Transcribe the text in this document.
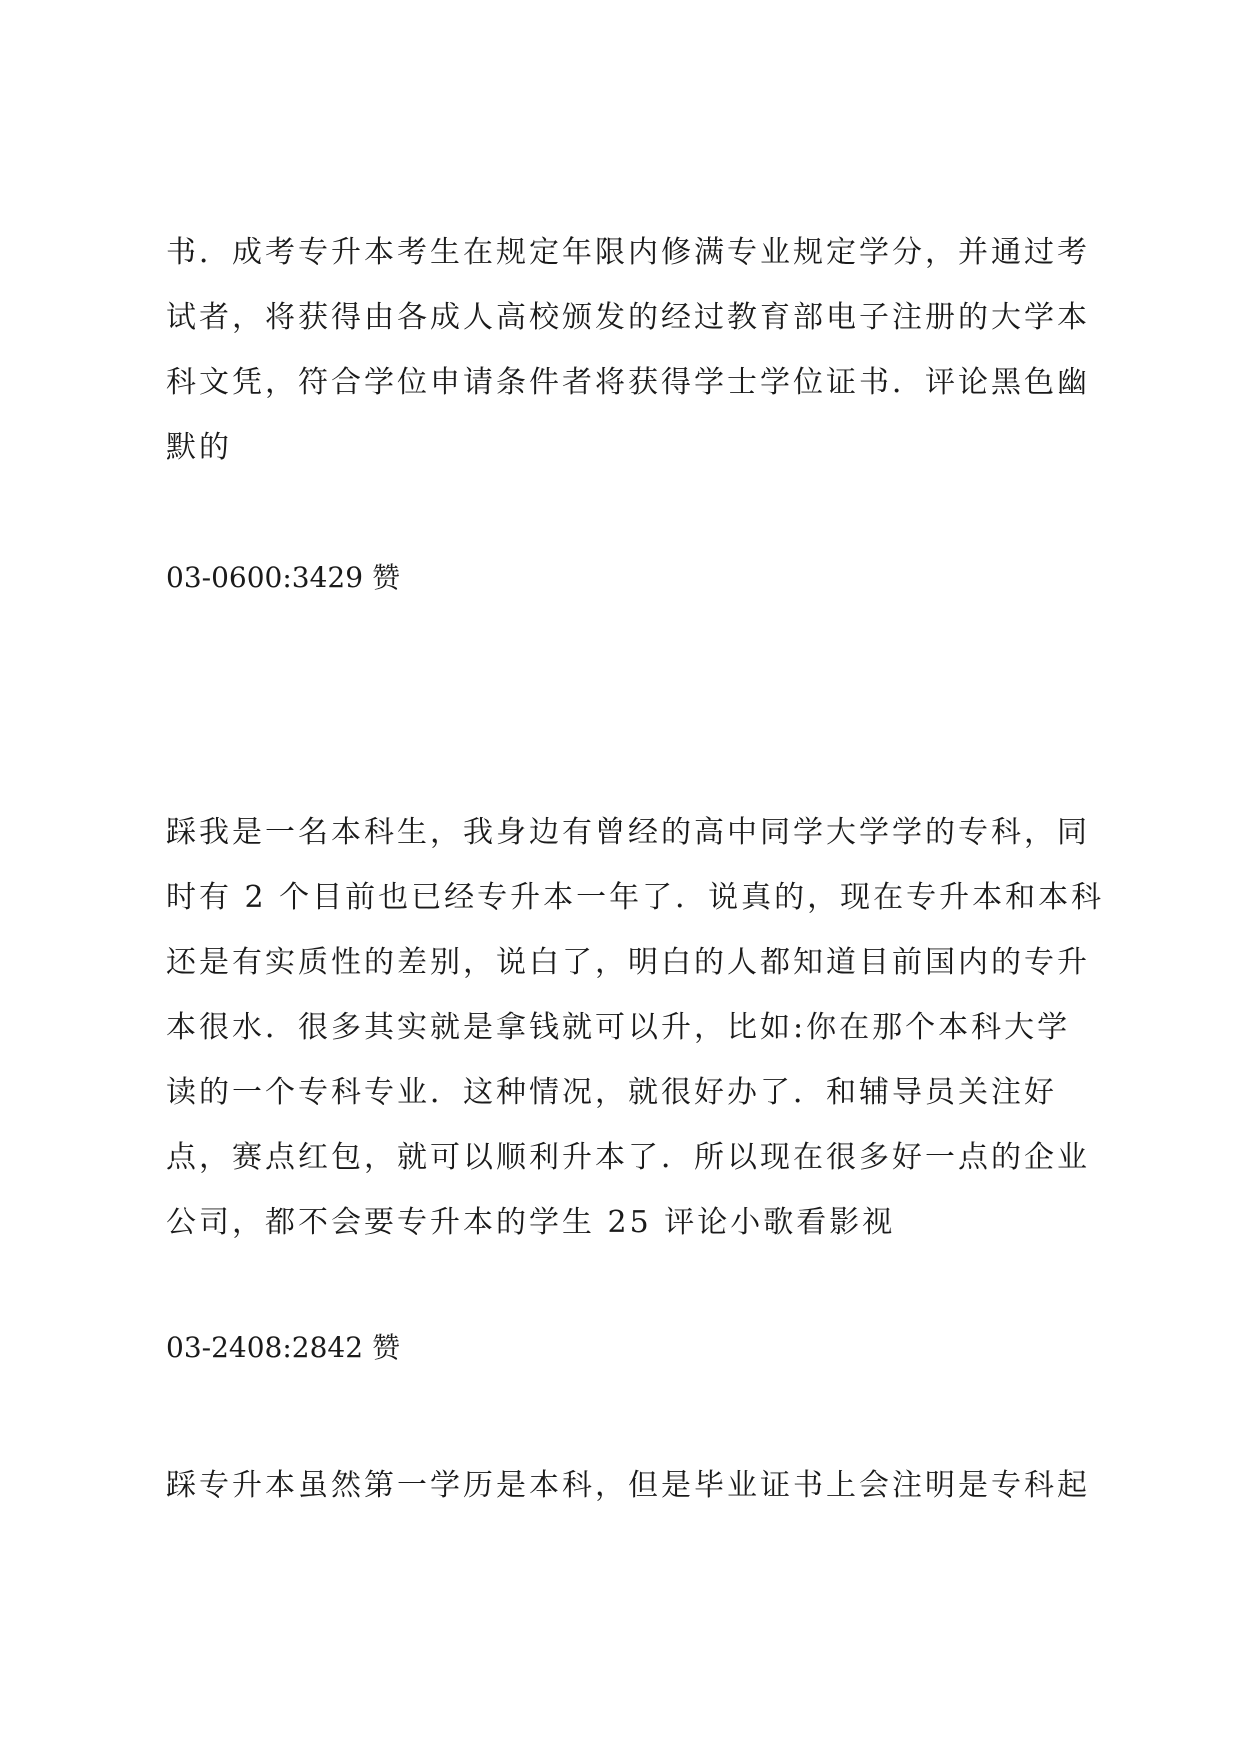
书．成考专升本考生在规定年限内修满专业规定学分，并通过考
试者，将获得由各成人高校颁发的经过教育部电子注册的大学本
科文凭，符合学位申请条件者将获得学士学位证书．评论黑色幽
默的

03-0600:3429 赞

踩我是一名本科生，我身边有曾经的高中同学大学学的专科，同
时有 2 个目前也已经专升本一年了．说真的，现在专升本和本科
还是有实质性的差别，说白了，明白的人都知道目前国内的专升
本很水．很多其实就是拿钱就可以升，比如:你在那个本科大学
读的一个专科专业．这种情况，就很好办了．和辅导员关注好
点，赛点红包，就可以顺利升本了．所以现在很多好一点的企业
公司，都不会要专升本的学生 25 评论小歌看影视

03-2408:2842 赞

踩专升本虽然第一学历是本科，但是毕业证书上会注明是专科起
